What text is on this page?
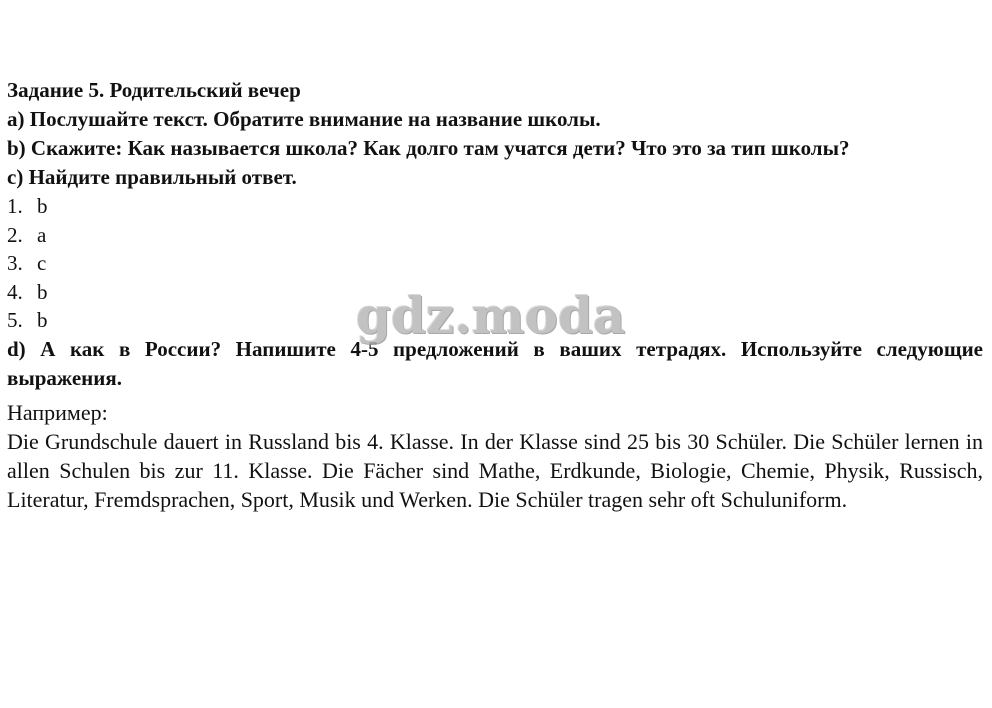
Задание 5. Родительский вечер
a) Послушайте текст. Обратите внимание на название школы.
b) Скажите: Как называется школа? Как долго там учатся дети? Что это за тип школы?
c) Найдите правильный ответ.
1. b
2. a
3. c
4. b
5. b
d) А как в России? Напишите 4-5 предложений в ваших тетрадях. Используйте следующие выражения.
Например:
Die Grundschule dauert in Russland bis 4. Klasse. In der Klasse sind 25 bis 30 Schüler. Die Schüler lernen in allen Schulen bis zur 11. Klasse. Die Fächer sind Mathe, Erdkunde, Biologie, Chemie, Physik, Russisch, Literatur, Fremdsprachen, Sport, Musik und Werken. Die Schüler tragen sehr oft Schuluniform.
gdz.moda
